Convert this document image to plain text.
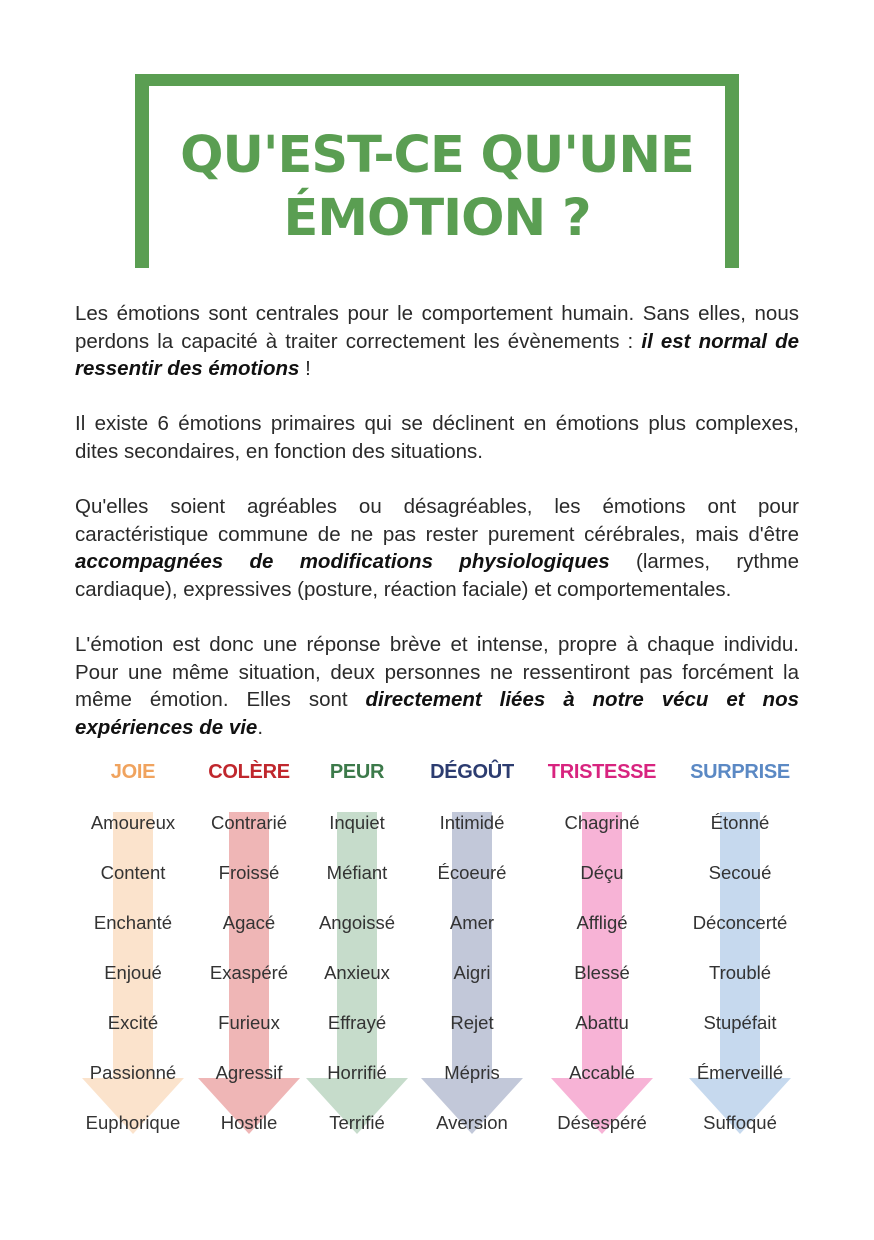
QU'EST-CE QU'UNE
ÉMOTION ?

Les émotions sont centrales pour le comportement humain. Sans elles, nous perdons la capacité à traiter correctement les évènements : il est normal de ressentir des émotions !

Il existe 6 émotions primaires qui se déclinent en émotions plus complexes, dites secondaires, en fonction des situations.

Qu'elles soient agréables ou désagréables, les émotions ont pour caractéristique commune de ne pas rester purement cérébrales, mais d'être accompagnées de modifications physiologiques (larmes, rythme cardiaque), expressives (posture, réaction faciale) et comportementales.

L'émotion est donc une réponse brève et intense, propre à chaque individu. Pour une même situation, deux personnes ne ressentiront pas forcément la même émotion. Elles sont directement liées à notre vécu et nos expériences de vie.

JOIE
Amoureux
Content
Enchanté
Enjoué
Excité
Passionné
Euphorique
COLÈRE
Contrarié
Froissé
Agacé
Exaspéré
Furieux
Agressif
Hostile
PEUR
Inquiet
Méfiant
Angoissé
Anxieux
Effrayé
Horrifié
Terrifié
DÉGOÛT
Intimidé
Écoeuré
Amer
Aigri
Rejet
Mépris
Aversion
TRISTESSE
Chagriné
Déçu
Affligé
Blessé
Abattu
Accablé
Désespéré
SURPRISE
Étonné
Secoué
Déconcerté
Troublé
Stupéfait
Émerveillé
Suffoqué
